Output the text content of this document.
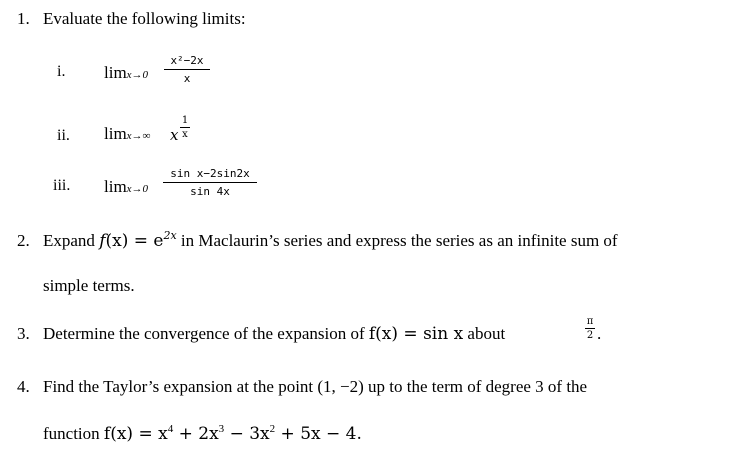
1. Evaluate the following limits:
i. limx→0
x²−2x
x
ii. limx→∞ x
1
x
iii. limx→0
sin x−2sin2x
sin 4x
2. Expand $f(x) = e^{2x}$ in Maclaurin’s series and express the series as an infinite sum of
simple terms.
3. Determine the convergence of the expansion of f(x) = sin x about
π
2 .
4. Find the Taylor’s expansion at the point (1, −2) up to the term of degree 3 of the
function $f(x) = x^4 + 2x^3 - 3x^2 + 5x - 4$.
